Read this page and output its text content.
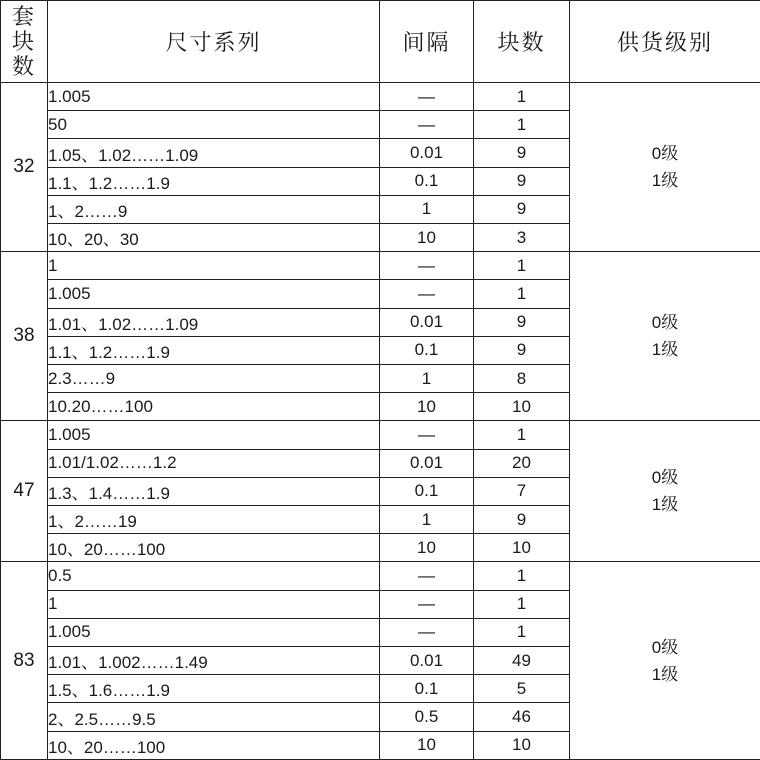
套
块
数	尺寸系列	间隔	块数	供货级别
32	1.005	—	1	0级
1级

	50	—	1	
	1.05、1.02……1.09	0.01	9	
	1.1、1.2……1.9	0.1	9	
	1、2……9	1	9	
	10、20、30	10	3	
38	1	—	1	0级
1级

	1.005	—	1	
	1.01、1.02……1.09	0.01	9	
	1.1、1.2……1.9	0.1	9	
	2.3……9	1	8	
	10.20……100	10	10	
47	1.005	—	1	0级
1级

	1.01/1.02……1.2	0.01	20	
	1.3、1.4……1.9	0.1	7	
	1、2……19	1	9	
	10、20……100	10	10	
83	0.5	—	1	0级
1级

	1	—	1	
	1.005	—	1	
	1.01、1.002……1.49	0.01	49	
	1.5、1.6……1.9	0.1	5	
	2、2.5……9.5	0.5	46	
	10、20……100	10	10	
